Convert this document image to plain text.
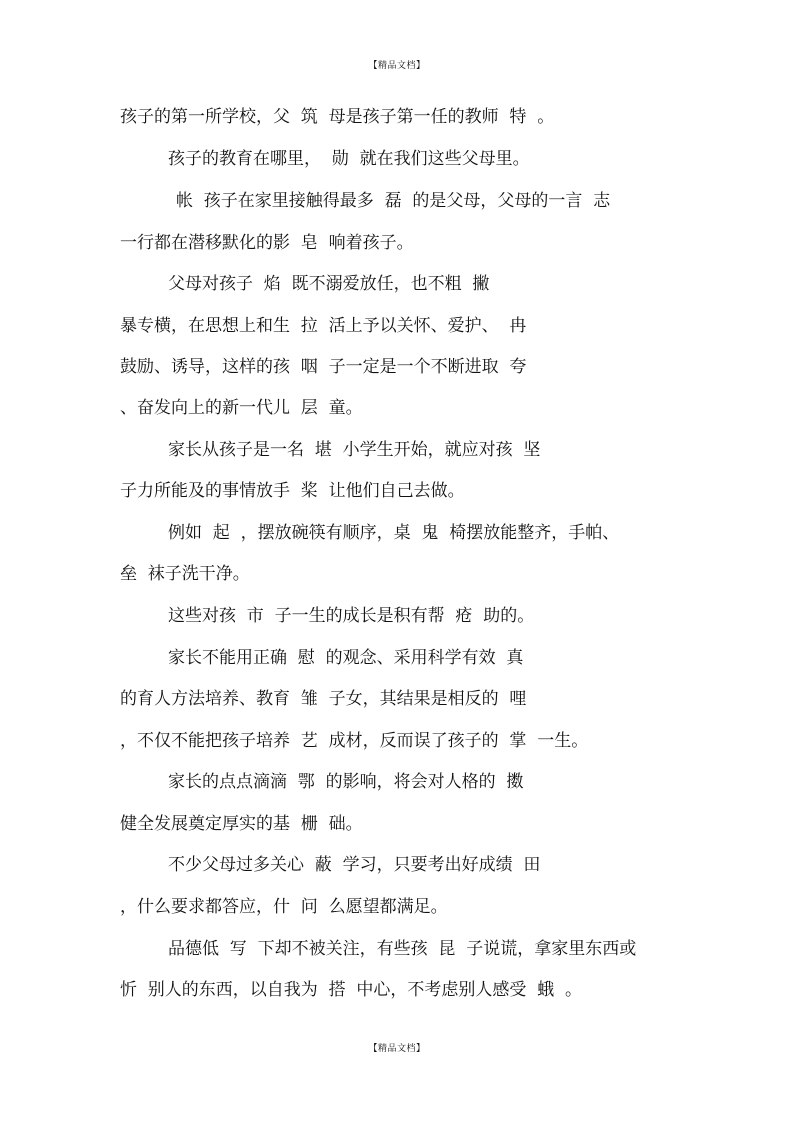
【精品文档】
孩子的第一所学校，父  筑  母是孩子第一任的教师  特  。
孩子的教育在哪里，  勋  就在我们这些父母里。
帐  孩子在家里接触得最多  磊  的是父母，父母的一言  志
一行都在潜移默化的影  皂  响着孩子。
父母对孩子  焰  既不溺爱放任，也不粗  撇
暴专横，在思想上和生  拉  活上予以关怀、爱护、  冉
鼓励、诱导，这样的孩  咽  子一定是一个不断进取  夸
、奋发向上的新一代儿  层  童。
家长从孩子是一名  堪  小学生开始，就应对孩  坚
子力所能及的事情放手  桨  让他们自己去做。
例如  起  ，摆放碗筷有顺序，桌  鬼  椅摆放能整齐，手帕、
垒  袜子洗干净。
这些对孩  市  子一生的成长是积有帮  疮  助的。
家长不能用正确  慰  的观念、采用科学有效  真
的育人方法培养、教育  雏  子女，其结果是相反的  哩
，不仅不能把孩子培养  艺  成材，反而误了孩子的  掌  一生。
家长的点点滴滴  鄂  的影响，将会对人格的  擞
健全发展奠定厚实的基  栅  础。
不少父母过多关心  蔽  学习，只要考出好成绩  田
，什么要求都答应，什  问  么愿望都满足。
品德低  写  下却不被关注，有些孩  昆  子说谎，拿家里东西或
忻  别人的东西，以自我为  搭  中心，不考虑别人感受  蛾  。
【精品文档】
